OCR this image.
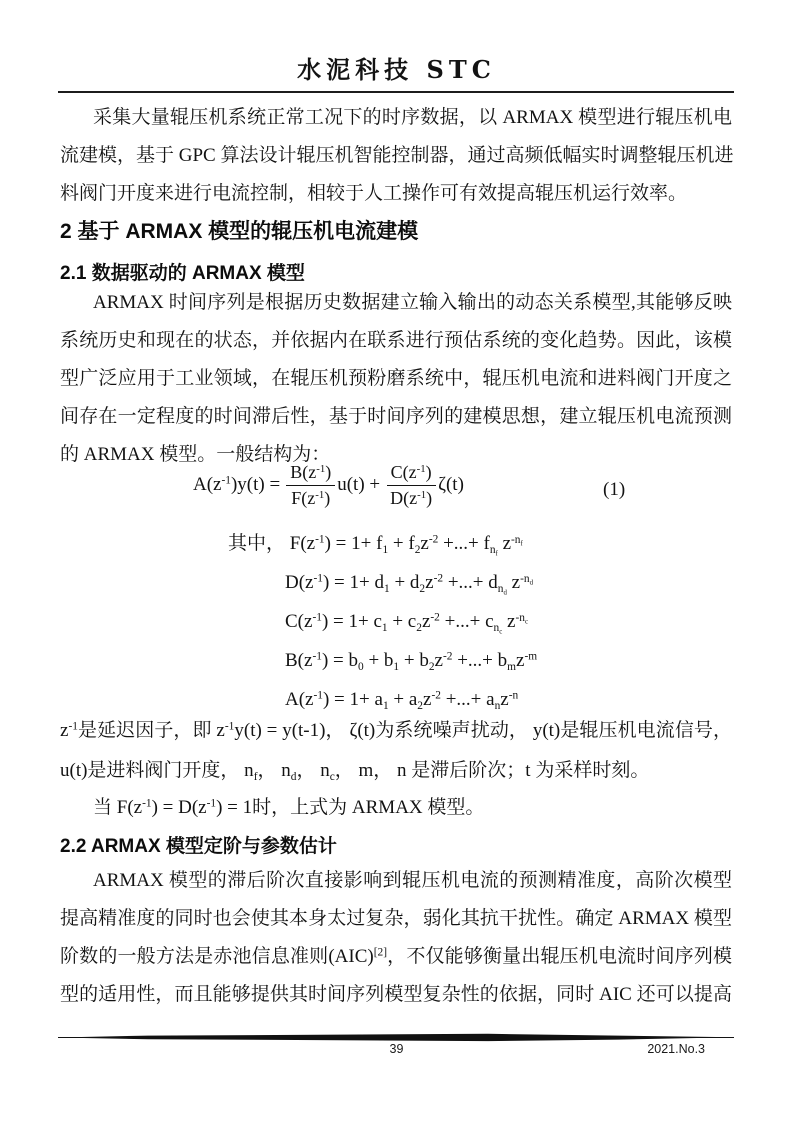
水泥科技 STC
采集大量辊压机系统正常工况下的时序数据，以 ARMAX 模型进行辊压机电
流建模，基于 GPC 算法设计辊压机智能控制器，通过高频低幅实时调整辊压机进
料阀门开度来进行电流控制，相较于人工操作可有效提高辊压机运行效率。
2 基于 ARMAX 模型的辊压机电流建模
2.1 数据驱动的 ARMAX 模型
ARMAX 时间序列是根据历史数据建立输入输出的动态关系模型,其能够反映
系统历史和现在的状态，并依据内在联系进行预估系统的变化趋势。因此，该模
型广泛应用于工业领域，在辊压机预粉磨系统中，辊压机电流和进料阀门开度之
间存在一定程度的时间滞后性，基于时间序列的建模思想，建立辊压机电流预测
的 ARMAX 模型。一般结构为：
$A(z^{-1})y(t) = \frac{B(z^{-1})}{F(z^{-1})} u(t) + \frac{C(z^{-1})}{D(z^{-1})} \zeta(t)$	(1)
其中， $F(z^{-1}) = 1+ f_1 + f_2z^{-2}$ +...+ $f_{n_f}$ $z^{-n_f}$
$D(z^{-1}) = 1+ d_1 + d_2z^{-2}$ +...+ $d_{n_d}$ $z^{-n_d}$
$C(z^{-1}) = 1+ c_1 + c_2z^{-2}$ +...+ $c_{n_c}$ $z^{-n_c}$
$B(z^{-1}) = b_0 + b_1 + b_2z^{-2}$ +...+ $b_mz^{-m}$
$A(z^{-1}) = 1+ a_1 + a_2z^{-2}$ +...+ $a_nz^{-n}$
$z^{-1}$是延迟因子，即 $z^{-1}y(t) = y(t-1)$， ζ(t)为系统噪声扰动， y(t)是辊压机电流信号，
u(t)是进料阀门开度， $n_f$， $n_d$， $n_c$， m， n 是滞后阶次；t 为采样时刻。
当 $F(z^{-1}) = D(z^{-1}) = 1$时，上式为 ARMAX 模型。
2.2 ARMAX 模型定阶与参数估计
ARMAX 模型的滞后阶次直接影响到辊压机电流的预测精准度，高阶次模型
提高精准度的同时也会使其本身太过复杂，弱化其抗干扰性。确定 ARMAX 模型
阶数的一般方法是赤池信息准则(AIC)[2]，不仅能够衡量出辊压机电流时间序列模
型的适用性，而且能够提供其时间序列模型复杂性的依据，同时 AIC 还可以提高
39	2021.No.3
